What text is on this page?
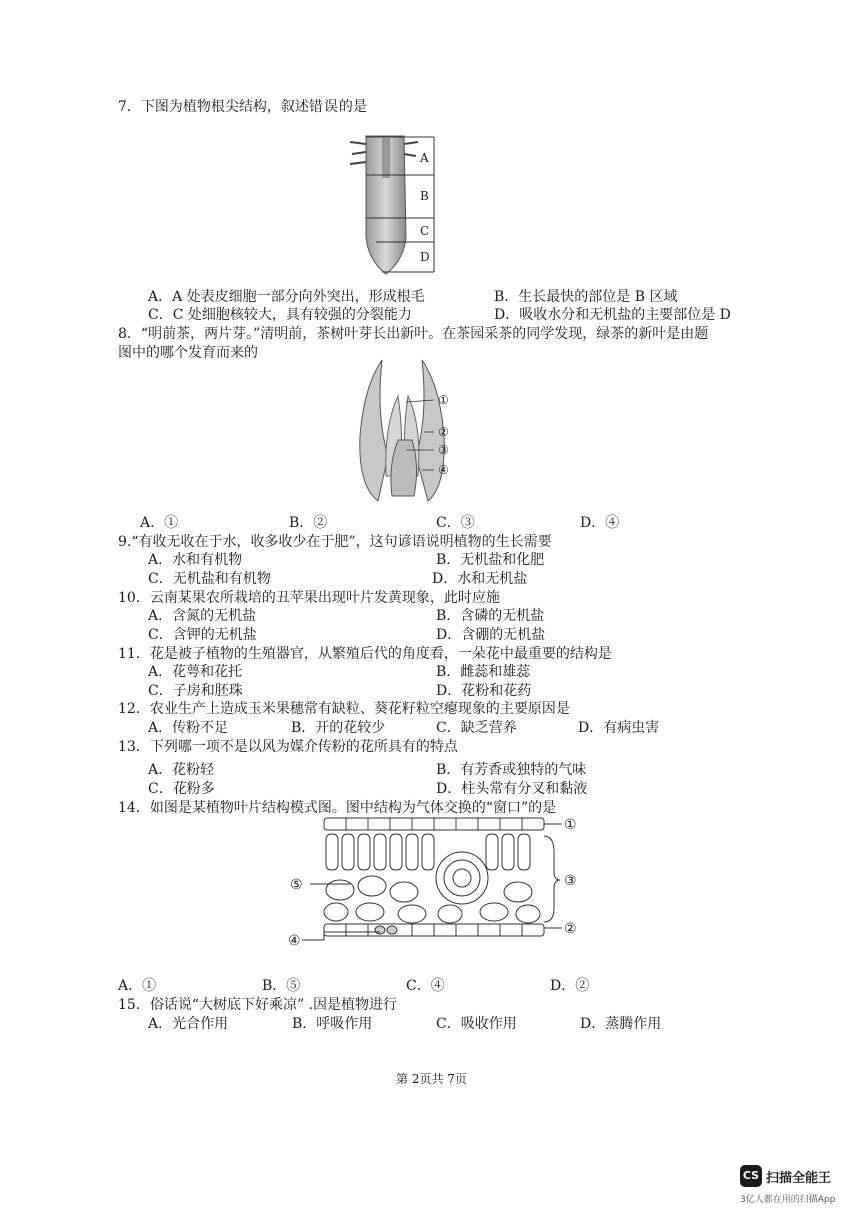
7．下图为植物根尖结构，叙述错误的是
A
B
C
D
A．A 处表皮细胞一部分向外突出，形成根毛	B．生长最快的部位是 B 区域
C．C 处细胞核较大，具有较强的分裂能力	D．吸收水分和无机盐的主要部位是 D
8．“明前茶，两片芽。”清明前，茶树叶芽长出新叶。在茶园采茶的同学发现，绿茶的新叶是由题
图中的哪个发育而来的
①
②
③
④
A．①	B．②	C．③	D．④
9.“有收无收在于水，收多收少在于肥”，这句谚语说明植物的生长需要
A．水和有机物	B．无机盐和化肥
C．无机盐和有机物	D．水和无机盐
10．云南某果农所栽培的丑苹果出现叶片发黄现象，此时应施
A．含氮的无机盐	B．含磷的无机盐
C．含钾的无机盐	D．含硼的无机盐
11．花是被子植物的生殖器官，从繁殖后代的角度看，一朵花中最重要的结构是
A．花萼和花托	B．雌蕊和雄蕊
C．子房和胚珠	D．花粉和花药
12．农业生产上造成玉米果穗常有缺粒、葵花籽粒空瘪现象的主要原因是
A．传粉不足	B．开的花较少	C．缺乏营养	D．有病虫害
13．下列哪一项不是以风为媒介传粉的花所具有的特点
A．花粉轻	B．有芳香或独特的气味
C．花粉多	D．柱头常有分叉和黏液
14．如图是某植物叶片结构模式图。图中结构为气体交换的“窗口”的是
①
③
⑤
②
④
A．①	B．⑤	C．④	D．②
15．俗话说“大树底下好乘凉” .因是植物进行
A．光合作用	B．呼吸作用	C．吸收作用	D．蒸腾作用
第 2页共 7页
CS 扫描全能王
3亿人都在用的扫描App
